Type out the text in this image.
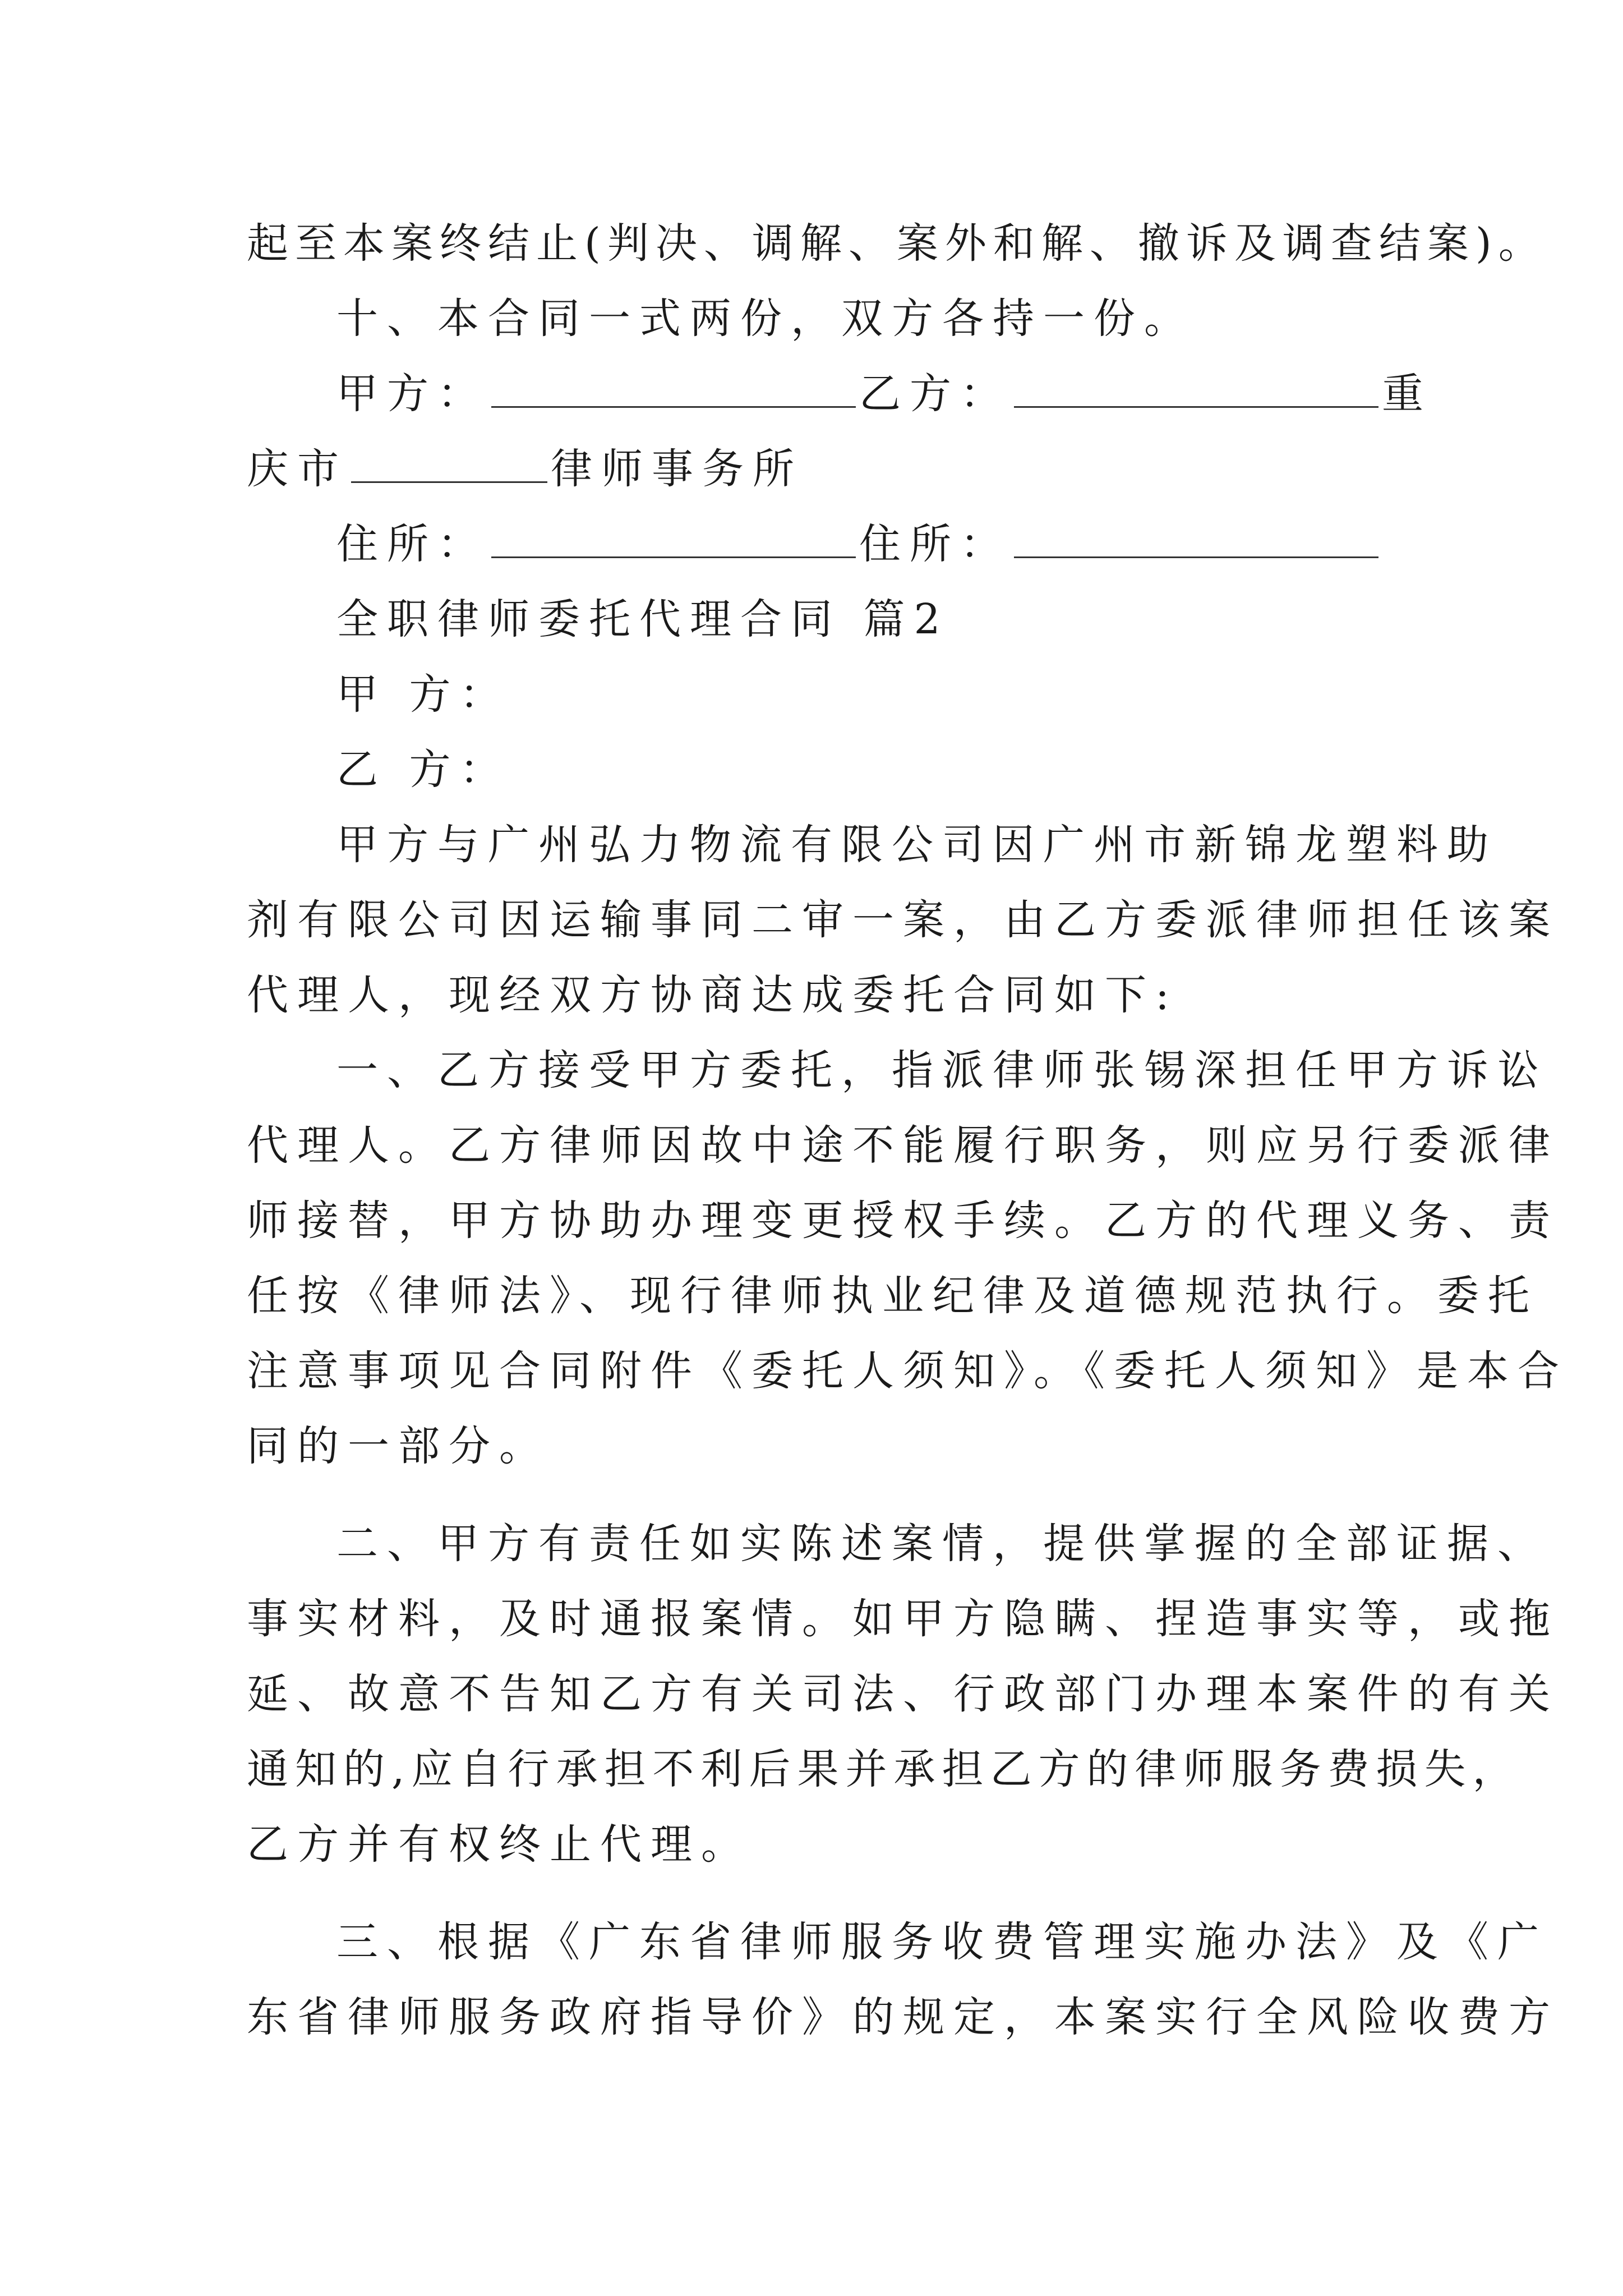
起至本案终结止(判决、调解、案外和解、撤诉及调查结案)。
十、本合同一式两份，双方各持一份。
甲方：	乙方：	重
庆市	律师事务所
住所：	住所：
全职律师委托代理合同 篇2
甲 方：
乙 方：
甲方与广州弘力物流有限公司因广州市新锦龙塑料助
剂有限公司因运输事同二审一案，由乙方委派律师担任该案
代理人，现经双方协商达成委托合同如下:
一、乙方接受甲方委托，指派律师张锡深担任甲方诉讼
代理人。乙方律师因故中途不能履行职务，则应另行委派律
师接替，甲方协助办理变更授权手续。乙方的代理义务、责
任按《律师法》、现行律师执业纪律及道德规范执行。委托
注意事项见合同附件《委托人须知》。《委托人须知》是本合
同的一部分。
二、甲方有责任如实陈述案情，提供掌握的全部证据、
事实材料，及时通报案情。如甲方隐瞒、捏造事实等，或拖
延、故意不告知乙方有关司法、行政部门办理本案件的有关
通知的,应自行承担不利后果并承担乙方的律师服务费损失，
乙方并有权终止代理。
三、根据《广东省律师服务收费管理实施办法》及《广
东省律师服务政府指导价》的规定，本案实行全风险收费方
